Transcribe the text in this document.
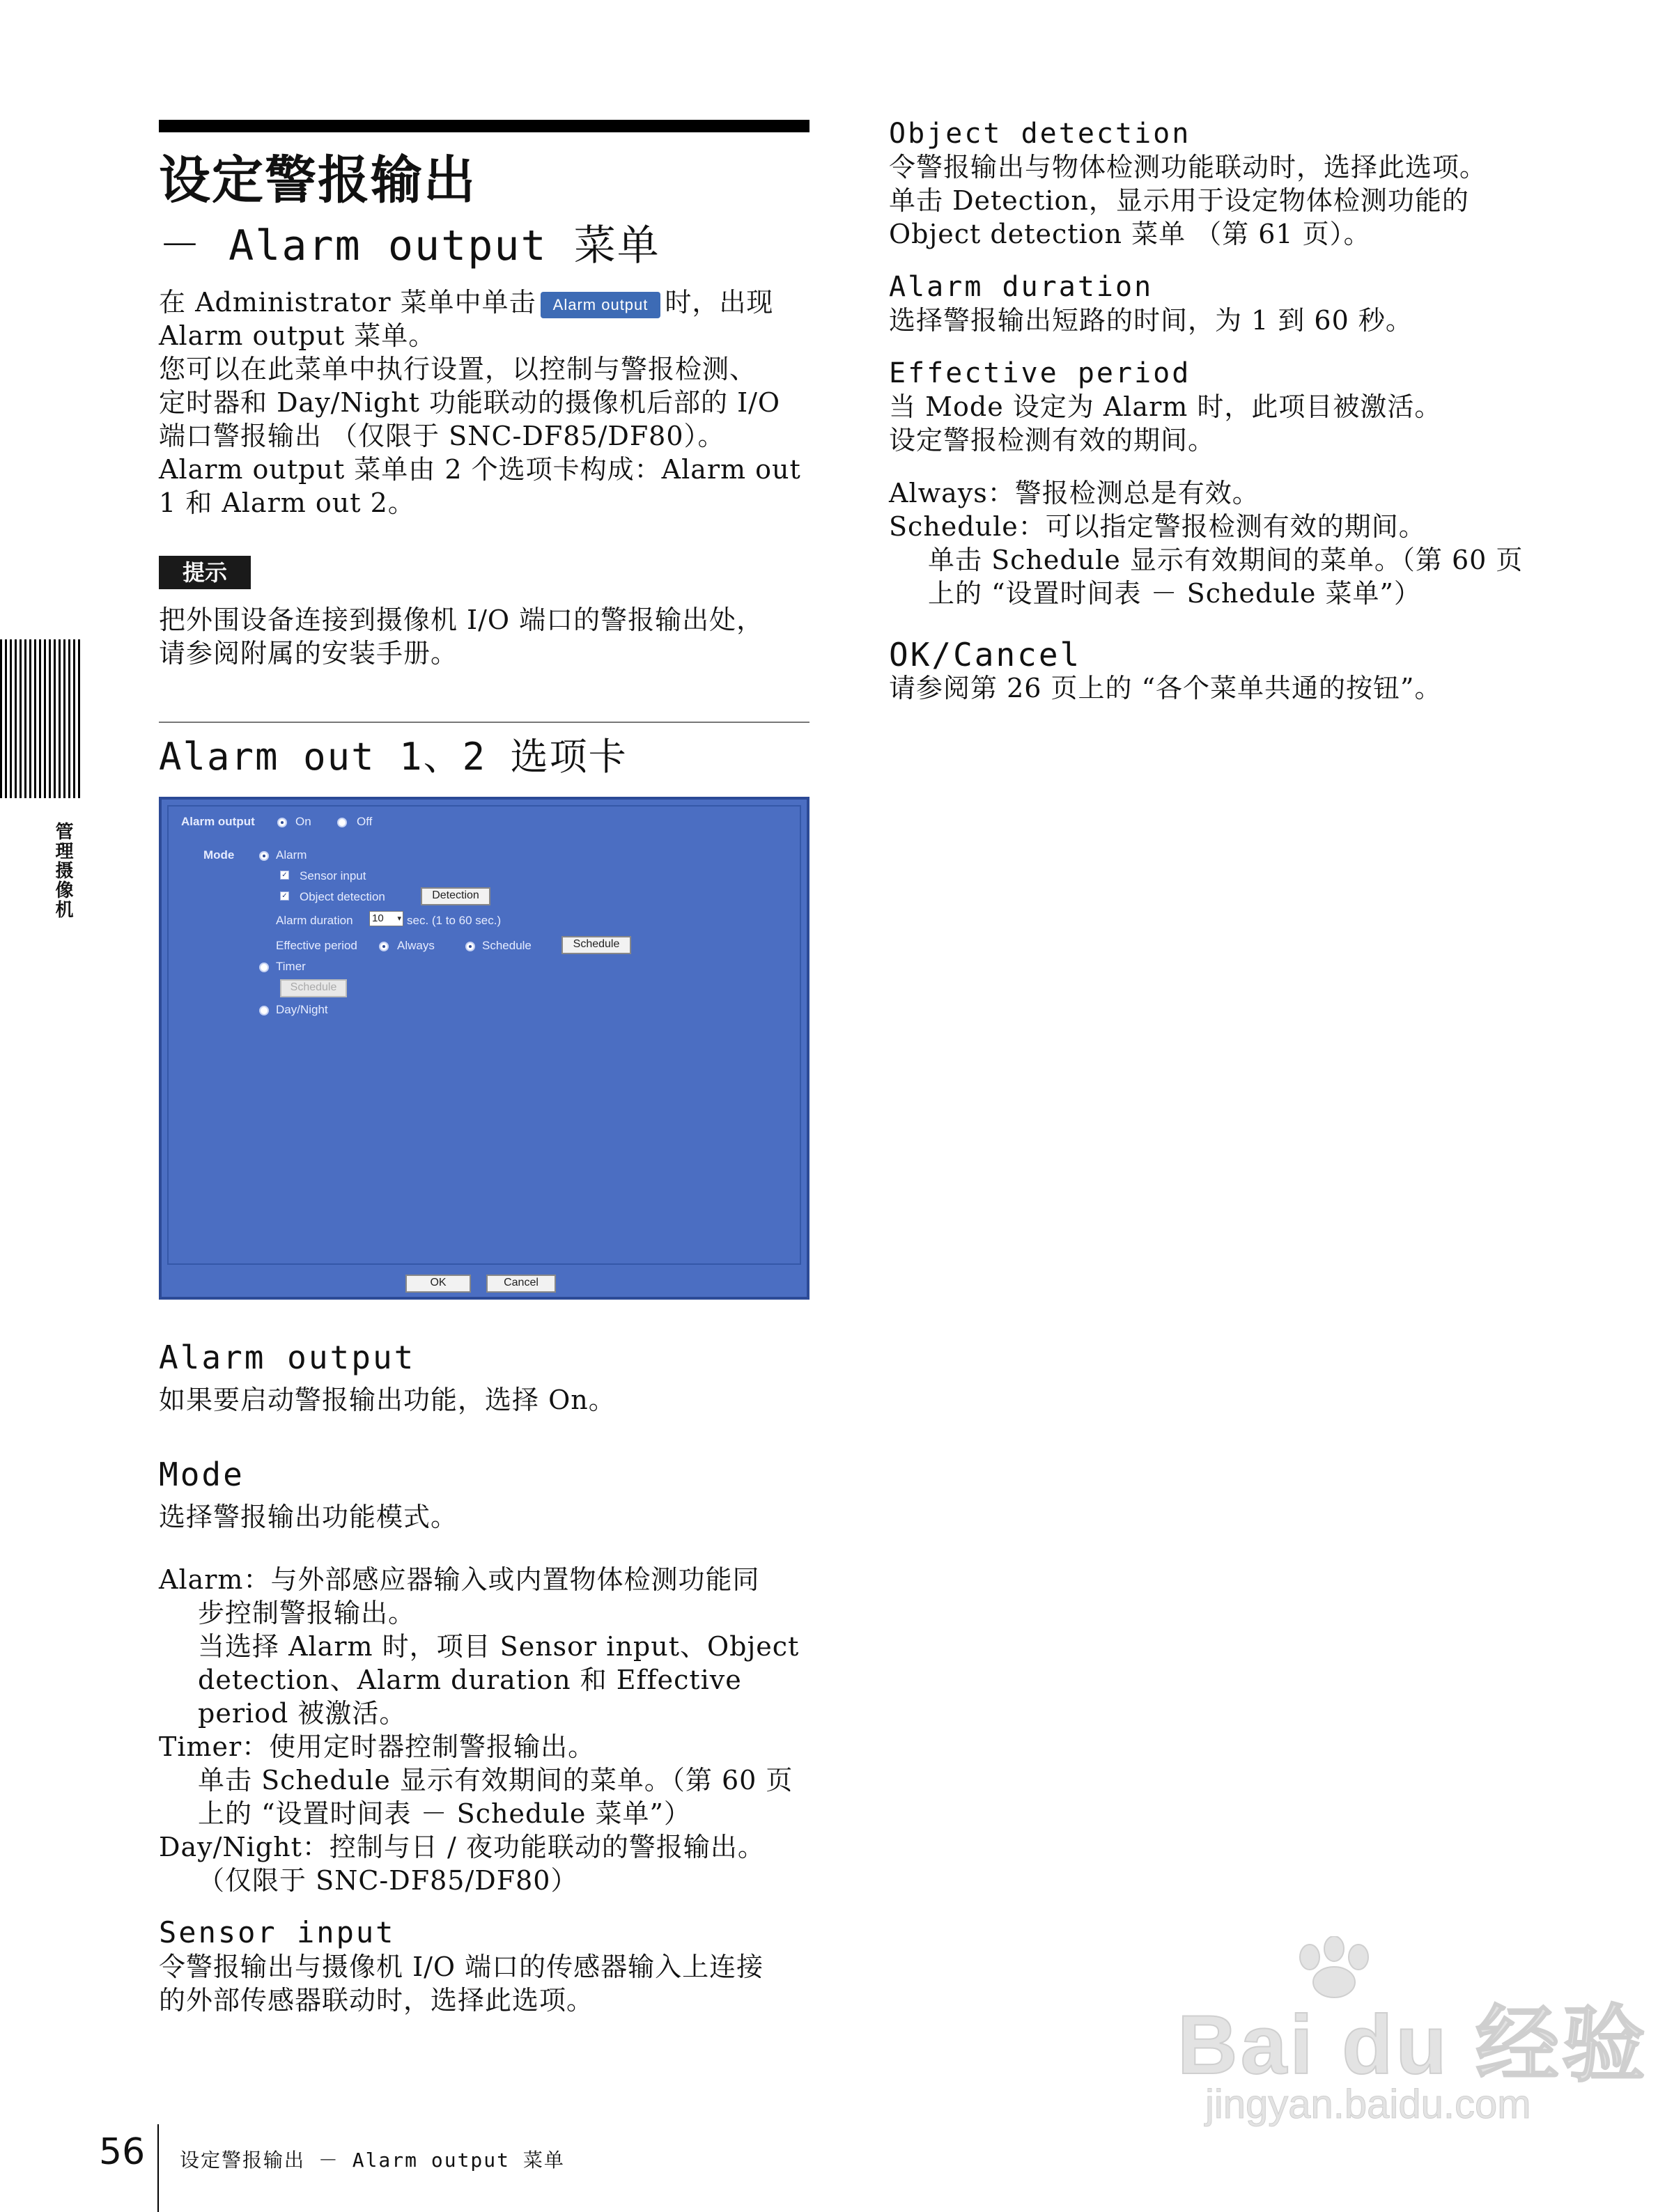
设定警报输出
－ Alarm output 菜单
在 Administrator 菜单中单击 Alarm output 时，出现
Alarm output 菜单。
您可以在此菜单中执行设置，以控制与警报检测、
定时器和 Day/Night 功能联动的摄像机后部的 I/O
端口警报输出 （仅限于 SNC-DF85/DF80）。
Alarm output 菜单由 2 个选项卡构成：Alarm out
1 和 Alarm out 2。
提示
把外围设备连接到摄像机 I/O 端口的警报输出处，
请参阅附属的安装手册。
Alarm out 1、2 选项卡
Alarm output	On	Off
Mode	Alarm
✓ Sensor input
✓ Object detection	Detection
Alarm duration 10 ▾ sec. (1 to 60 sec.)
Effective period	Always	Schedule	Schedule
Timer
Schedule
Day/Night
OK	Cancel
Alarm output
如果要启动警报输出功能，选择 On。
Mode
选择警报输出功能模式。
Alarm：与外部感应器输入或内置物体检测功能同
步控制警报输出。
当选择 Alarm 时，项目 Sensor input、Object
detection、Alarm duration 和 Effective
period 被激活。
Timer：使用定时器控制警报输出。
单击 Schedule 显示有效期间的菜单。（第 60 页
上的 “设置时间表 － Schedule 菜单”）
Day/Night：控制与日 / 夜功能联动的警报输出。
（仅限于 SNC-DF85/DF80）
Sensor input
令警报输出与摄像机 I/O 端口的传感器输入上连接
的外部传感器联动时，选择此选项。
Object detection
令警报输出与物体检测功能联动时，选择此选项。
单击 Detection，显示用于设定物体检测功能的
Object detection 菜单 （第 61 页）。
Alarm duration
选择警报输出短路的时间，为 1 到 60 秒。
Effective period
当 Mode 设定为 Alarm 时，此项目被激活。
设定警报检测有效的期间。
Always：警报检测总是有效。
Schedule：可以指定警报检测有效的期间。
单击 Schedule 显示有效期间的菜单。（第 60 页
上的 “设置时间表 － Schedule 菜单”）
OK/Cancel
请参阅第 26 页上的 “各个菜单共通的按钮”。
管理摄像机
56 设定警报输出 － Alarm output 菜单
Bai du 经验
jingyan.baidu.com
